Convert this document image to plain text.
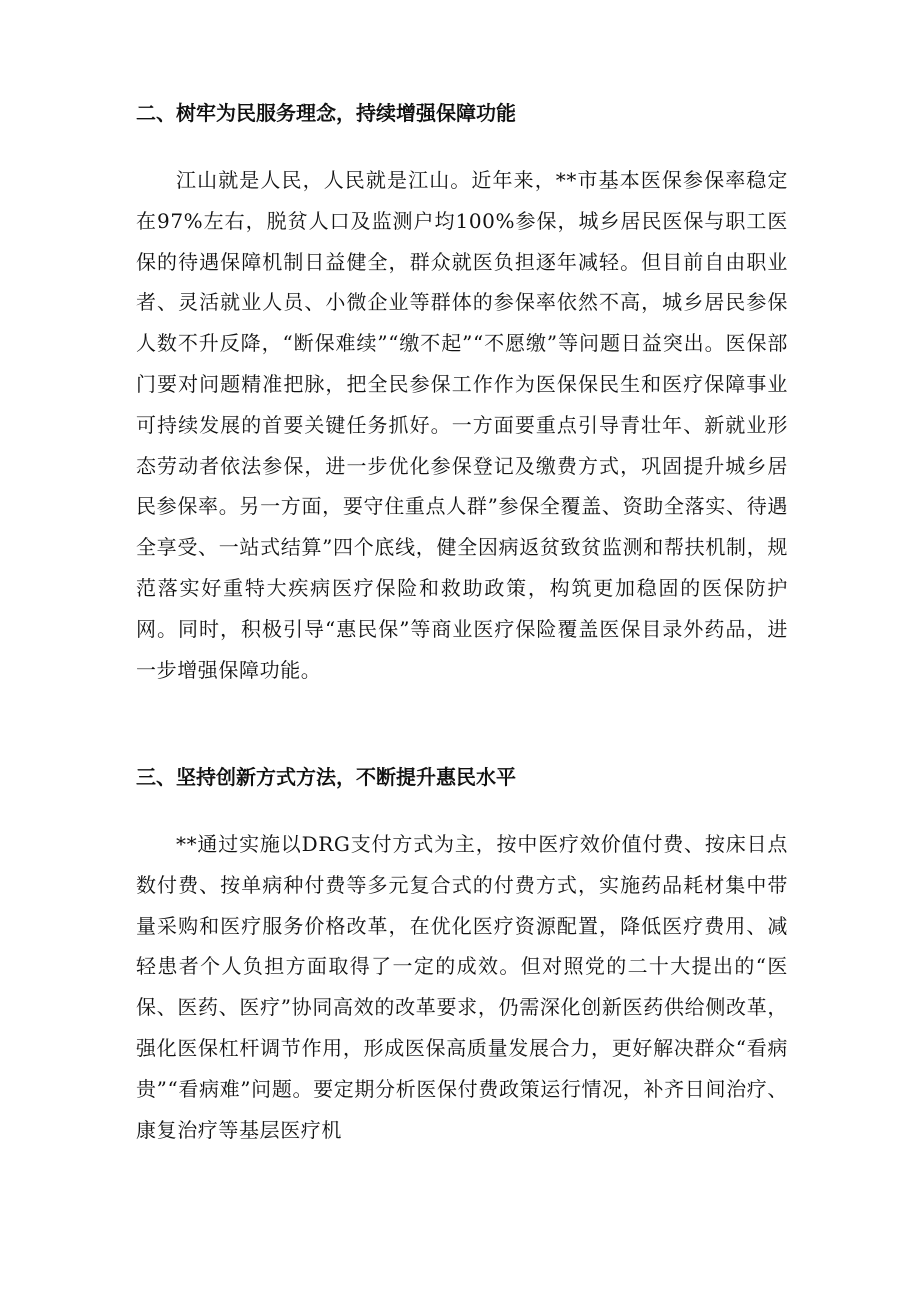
二、树牢为民服务理念，持续增强保障功能

江山就是人民，人民就是江山。近年来，**市基本医保参保率稳定在97%左右，脱贫人口及监测户均100%参保，城乡居民医保与职工医保的待遇保障机制日益健全，群众就医负担逐年减轻。但目前自由职业者、灵活就业人员、小微企业等群体的参保率依然不高，城乡居民参保人数不升反降，“断保难续”“缴不起”“不愿缴”等问题日益突出。医保部门要对问题精准把脉，把全民参保工作作为医保保民生和医疗保障事业可持续发展的首要关键任务抓好。一方面要重点引导青壮年、新就业形态劳动者依法参保，进一步优化参保登记及缴费方式，巩固提升城乡居民参保率。另一方面，要守住重点人群”参保全覆盖、资助全落实、待遇全享受、一站式结算”四个底线，健全因病返贫致贫监测和帮扶机制，规范落实好重特大疾病医疗保险和救助政策，构筑更加稳固的医保防护网。同时，积极引导“惠民保”等商业医疗保险覆盖医保目录外药品，进一步增强保障功能。

三、坚持创新方式方法，不断提升惠民水平

**通过实施以DRG支付方式为主，按中医疗效价值付费、按床日点数付费、按单病种付费等多元复合式的付费方式，实施药品耗材集中带量采购和医疗服务价格改革，在优化医疗资源配置，降低医疗费用、减轻患者个人负担方面取得了一定的成效。但对照党的二十大提出的“医保、医药、医疗”协同高效的改革要求，仍需深化创新医药供给侧改革，强化医保杠杆调节作用，形成医保高质量发展合力，更好解决群众“看病贵”“看病难”问题。要定期分析医保付费政策运行情况，补齐日间治疗、康复治疗等基层医疗机
